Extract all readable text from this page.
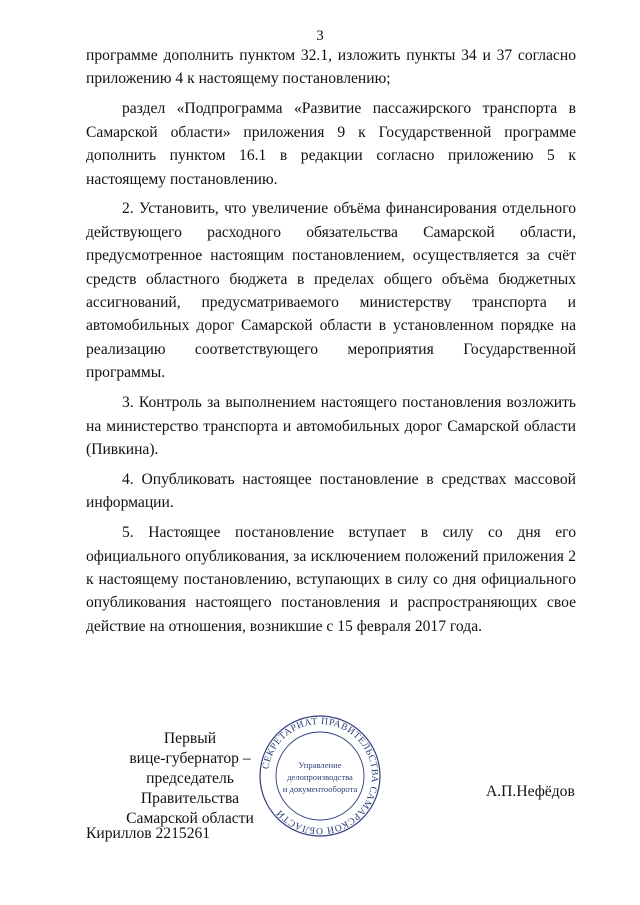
3

программе дополнить пунктом 32.1, изложить пункты 34 и 37 согласно приложению 4 к настоящему постановлению;

раздел «Подпрограмма «Развитие пассажирского транспорта в Самарской области» приложения 9 к Государственной программе дополнить пунктом 16.1 в редакции согласно приложению 5 к настоящему постановлению.

2. Установить, что увеличение объёма финансирования отдельного действующего расходного обязательства Самарской области, предусмотренное настоящим постановлением, осуществляется за счёт средств областного бюджета в пределах общего объёма бюджетных ассигнований, предусматриваемого министерству транспорта и автомобильных дорог Самарской области в установленном порядке на реализацию соответствующего мероприятия Государственной программы.

3. Контроль за выполнением настоящего постановления возложить на министерство транспорта и автомобильных дорог Самарской области (Пивкина).

4. Опубликовать настоящее постановление в средствах массовой информации.

5. Настоящее постановление вступает в силу со дня его официального опубликования, за исключением положений приложения 2 к настоящему постановлению, вступающих в силу со дня официального опубликования настоящего постановления и распространяющих свое действие на отношения, возникшие с 15 февраля 2017 года.

Первый
вице-губернатор –
председатель Правительства
Самарской области
СЕКРЕТАРИАТ ПРАВИТЕЛЬСТВА САМАРСКОЙ ОБЛАСТИ
Управление
делопроизводства
и документооборота	А.П.Нефёдов
Кириллов 2215261
